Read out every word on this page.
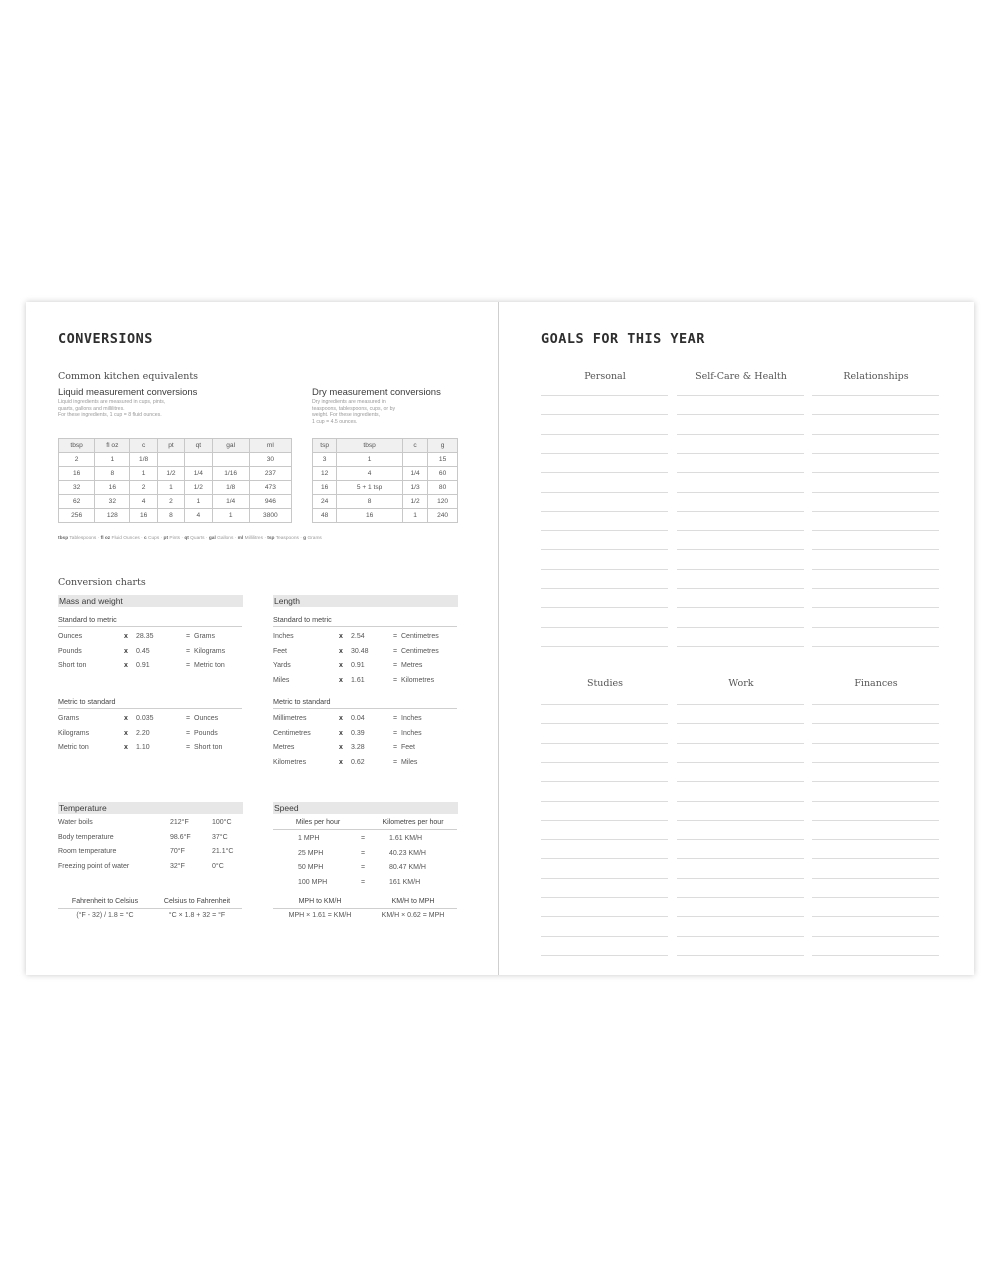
CONVERSIONS
Common kitchen equivalents
Liquid measurement conversions
Liquid ingredients are measured in cups, pints,
quarts, gallons and millilitres.
For these ingredients, 1 cup = 8 fluid ounces.
tbsp	fl oz	c	pt	qt	gal	ml
2	1	1/8				30
16	8	1	1/2	1/4	1/16	237
32	16	2	1	1/2	1/8	473
62	32	4	2	1	1/4	946
256	128	16	8	4	1	3800
Dry measurement conversions
Dry ingredients are measured in
teaspoons, tablespoons, cups, or by
weight. For these ingredients,
1 cup = 4.5 ounces.
tsp	tbsp	c	g
3	1		15
12	4	1/4	60
16	5 + 1 tsp	1/3	80
24	8	1/2	120
48	16	1	240
tbsp Tablespoons · fl oz Fluid Ounces · c Cups · pt Pints · qt Quarts · gal Gallons · ml Millilitres · tsp Teaspoons · g Grams
Conversion charts
Mass and weight
Standard to metric
Ounces	x 28.35	= Grams
Pounds	x 0.45	= Kilograms
Short ton	x 0.91	= Metric ton
Metric to standard
Grams	x 0.035	= Ounces
Kilograms	x 2.20	= Pounds
Metric ton	x 1.10	= Short ton
Length
Standard to metric
Inches	x 2.54	= Centimetres
Feet	x 30.48	= Centimetres
Yards	x 0.91	= Metres
Miles	x 1.61	= Kilometres
Metric to standard
Millimetres	x 0.04	= Inches
Centimetres	x 0.39	= Inches
Metres	x 3.28	= Feet
Kilometres	x 0.62	= Miles
Temperature
Water boils	212°F	100°C
Body temperature	98.6°F	37°C
Room temperature	70°F	21.1°C
Freezing point of water	32°F	0°C
Fahrenheit to Celsius
(°F - 32) / 1.8 = °C
Celsius to Fahrenheit
°C × 1.8 + 32 = °F
Speed
Miles per hour	Kilometres per hour
1 MPH	=	1.61 KM/H
25 MPH	=	40.23 KM/H
50 MPH	=	80.47 KM/H
100 MPH	=	161 KM/H
MPH to KM/H
MPH × 1.61 = KM/H
KM/H to MPH
KM/H × 0.62 = MPH
GOALS FOR THIS YEAR
Personal	Self-Care & Health	Relationships
Studies	Work	Finances
